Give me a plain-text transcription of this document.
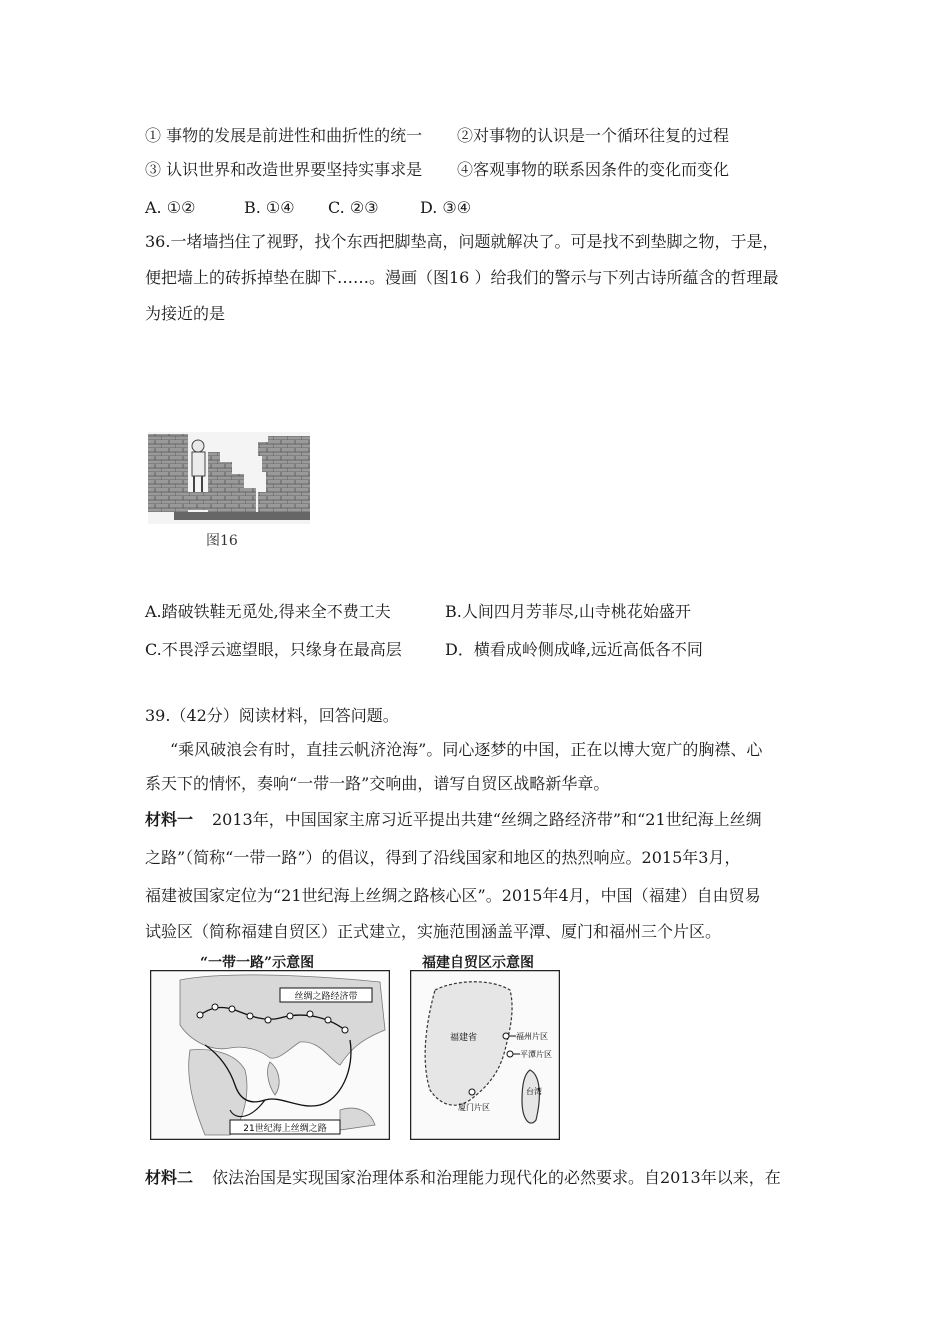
① 事物的发展是前进性和曲折性的统一 ②对事物的认识是一个循环往复的过程
③ 认识世界和改造世界要坚持实事求是 ④客观事物的联系因条件的变化而变化
A. ①②	B. ①④ C. ②③	D. ③④
36.一堵墙挡住了视野，找个东西把脚垫高，问题就解决了。可是找不到垫脚之物，于是，
便把墙上的砖拆掉垫在脚下……。漫画（图16 ）给我们的警示与下列古诗所蕴含的哲理最
为接近的是
图16
A.踏破铁鞋无觅处,得来全不费工夫	B.人间四月芳菲尽,山寺桃花始盛开
C.不畏浮云遮望眼，只缘身在最高层	D．横看成岭侧成峰,远近高低各不同
39.（42分）阅读材料，回答问题。
“乘风破浪会有时，直挂云帆济沧海”。同心逐梦的中国，正在以博大宽广的胸襟、心
系天下的情怀，奏响“一带一路”交响曲，谱写自贸区战略新华章。
材料一 2013年，中国国家主席习近平提出共建“丝绸之路经济带”和“21世纪海上丝绸
之路”（简称“一带一路”）的倡议，得到了沿线国家和地区的热烈响应。2015年3月，
福建被国家定位为“21世纪海上丝绸之路核心区”。2015年4月，中国（福建）自由贸易
试验区（简称福建自贸区）正式建立，实施范围涵盖平潭、厦门和福州三个片区。
“一带一路”示意图
丝绸之路经济带
21世纪海上丝绸之路
福建自贸区示意图
福建省
台湾
福州片区
平潭片区
厦门片区
材料二 依法治国是实现国家治理体系和治理能力现代化的必然要求。自2013年以来，在
